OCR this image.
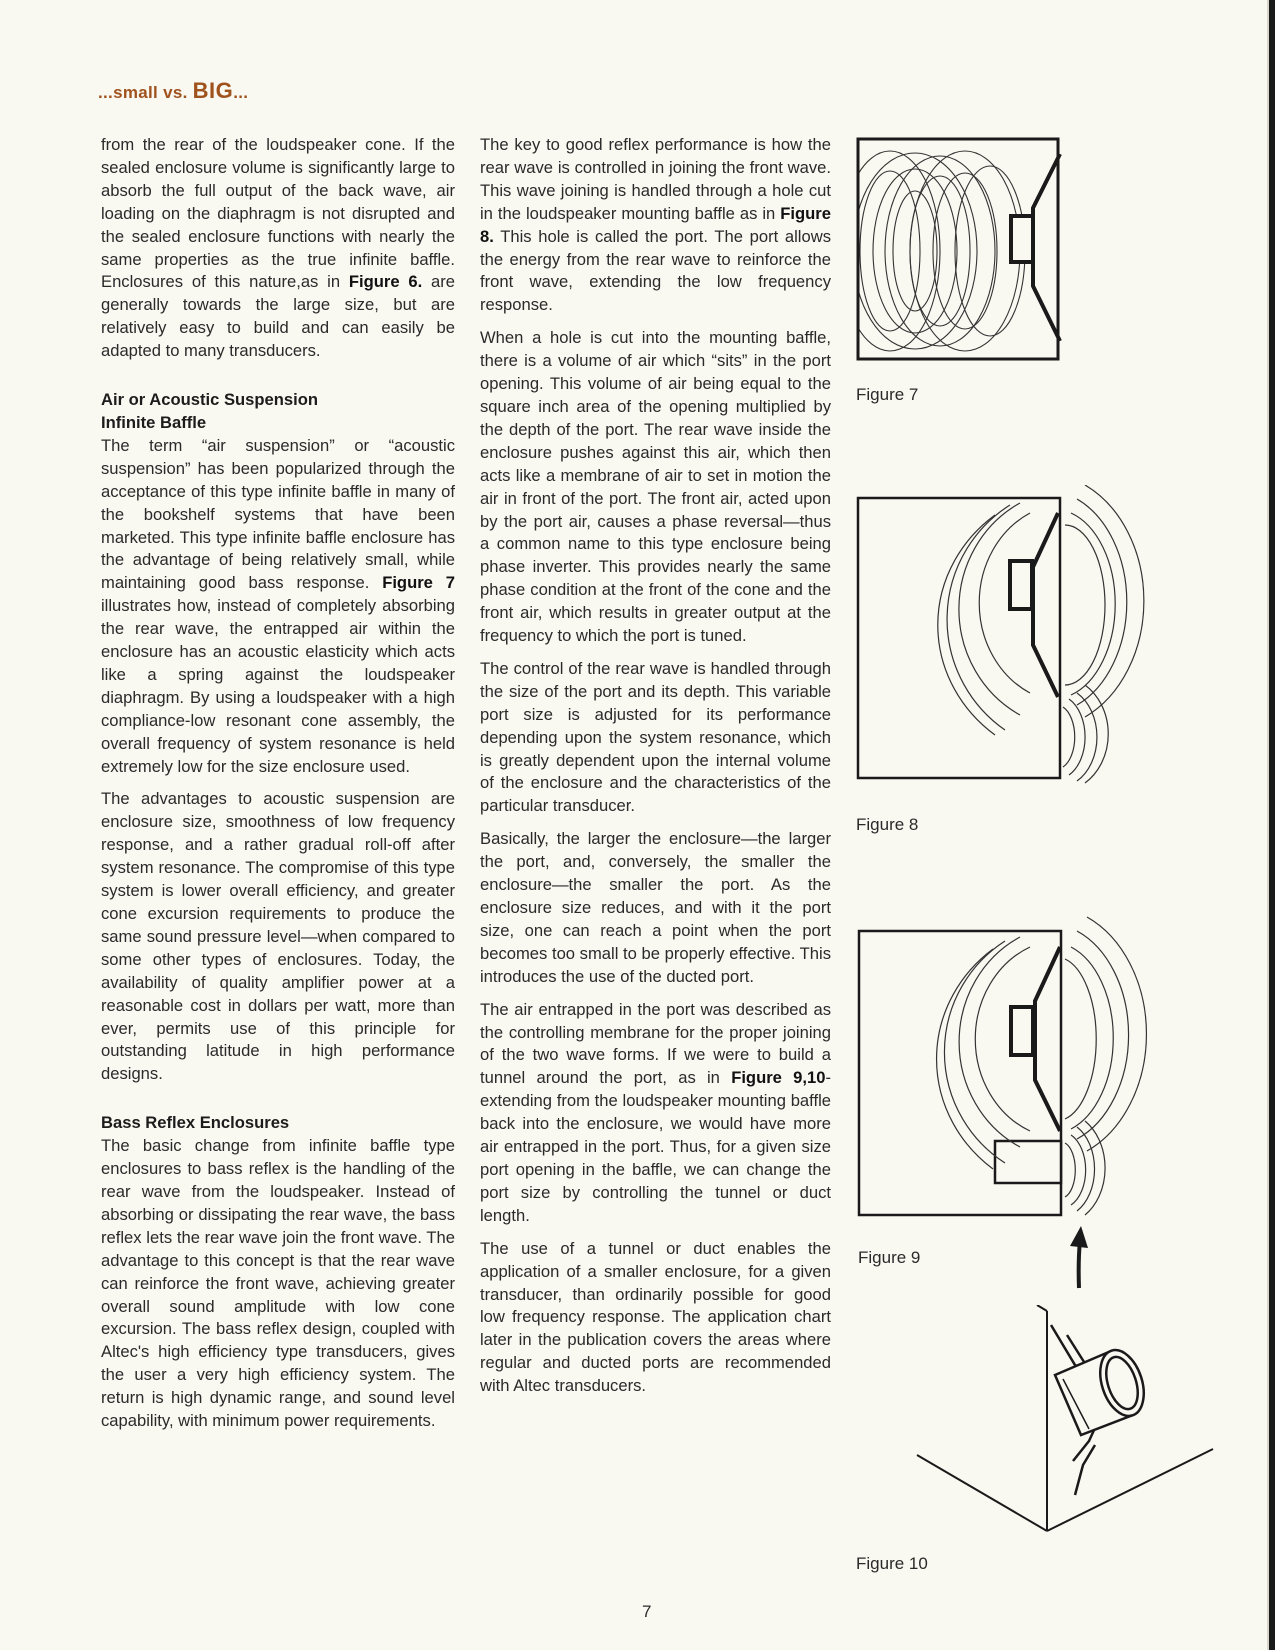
...small vs. BIG...

from the rear of the loudspeaker cone. If the sealed enclosure volume is significantly large to absorb the full output of the back wave, air loading on the diaphragm is not disrupted and the sealed enclosure functions with nearly the same properties as the true infinite baffle. Enclosures of this nature,as in Figure 6. are generally towards the large size, but are relatively easy to build and can easily be adapted to many transducers.

Air or Acoustic Suspension
Infinite Baffle

The term “air suspension” or “acoustic suspension” has been popularized through the acceptance of this type infinite baffle in many of the bookshelf systems that have been marketed. This type infinite baffle enclosure has the advantage of being relatively small, while maintaining good bass response. Figure 7 illustrates how, instead of completely absorbing the rear wave, the entrapped air within the enclosure has an acoustic elasticity which acts like a spring against the loudspeaker diaphragm. By using a loudspeaker with a high compliance-low resonant cone assembly, the overall frequency of system resonance is held extremely low for the size enclosure used.

The advantages to acoustic suspension are enclosure size, smoothness of low frequency response, and a rather gradual roll-off after system resonance. The compromise of this type system is lower overall efficiency, and greater cone excursion requirements to produce the same sound pressure level—when compared to some other types of enclosures. Today, the availability of quality amplifier power at a reasonable cost in dollars per watt, more than ever, permits use of this principle for outstanding latitude in high performance designs.

Bass Reflex Enclosures

The basic change from infinite baffle type enclosures to bass reflex is the handling of the rear wave from the loudspeaker. Instead of absorbing or dissipating the rear wave, the bass reflex lets the rear wave join the front wave. The advantage to this concept is that the rear wave can reinforce the front wave, achieving greater overall sound amplitude with low cone excursion. The bass reflex design, coupled with Altec's high efficiency type transducers, gives the user a very high efficiency system. The return is high dynamic range, and sound level capability, with minimum power requirements.

The key to good reflex performance is how the rear wave is controlled in joining the front wave. This wave joining is handled through a hole cut in the loudspeaker mounting baffle as in Figure 8. This hole is called the port. The port allows the energy from the rear wave to reinforce the front wave, extending the low frequency response.

When a hole is cut into the mounting baffle, there is a volume of air which “sits” in the port opening. This volume of air being equal to the square inch area of the opening multiplied by the depth of the port. The rear wave inside the enclosure pushes against this air, which then acts like a membrane of air to set in motion the air in front of the port. The front air, acted upon by the port air, causes a phase reversal—thus a common name to this type enclosure being phase inverter. This provides nearly the same phase condition at the front of the cone and the front air, which results in greater output at the frequency to which the port is tuned.

The control of the rear wave is handled through the size of the port and its depth. This variable port size is adjusted for its performance depending upon the system resonance, which is greatly dependent upon the internal volume of the enclosure and the characteristics of the particular transducer.

Basically, the larger the enclosure—the larger the port, and, conversely, the smaller the enclosure—the smaller the port. As the enclosure size reduces, and with it the port size, one can reach a point when the port becomes too small to be properly effective. This introduces the use of the ducted port.

The air entrapped in the port was described as the controlling membrane for the proper joining of the two wave forms. If we were to build a tunnel around the port, as in Figure 9,10-extending from the loudspeaker mounting baffle back into the enclosure, we would have more air entrapped in the port. Thus, for a given size port opening in the baffle, we can change the port size by controlling the tunnel or duct length.

The use of a tunnel or duct enables the application of a smaller enclosure, for a given transducer, than ordinarily possible for good low frequency response. The application chart later in the publication covers the areas where regular and ducted ports are recommended with Altec transducers.

Figure 7
Figure 8
Figure 9
Figure 10
7
